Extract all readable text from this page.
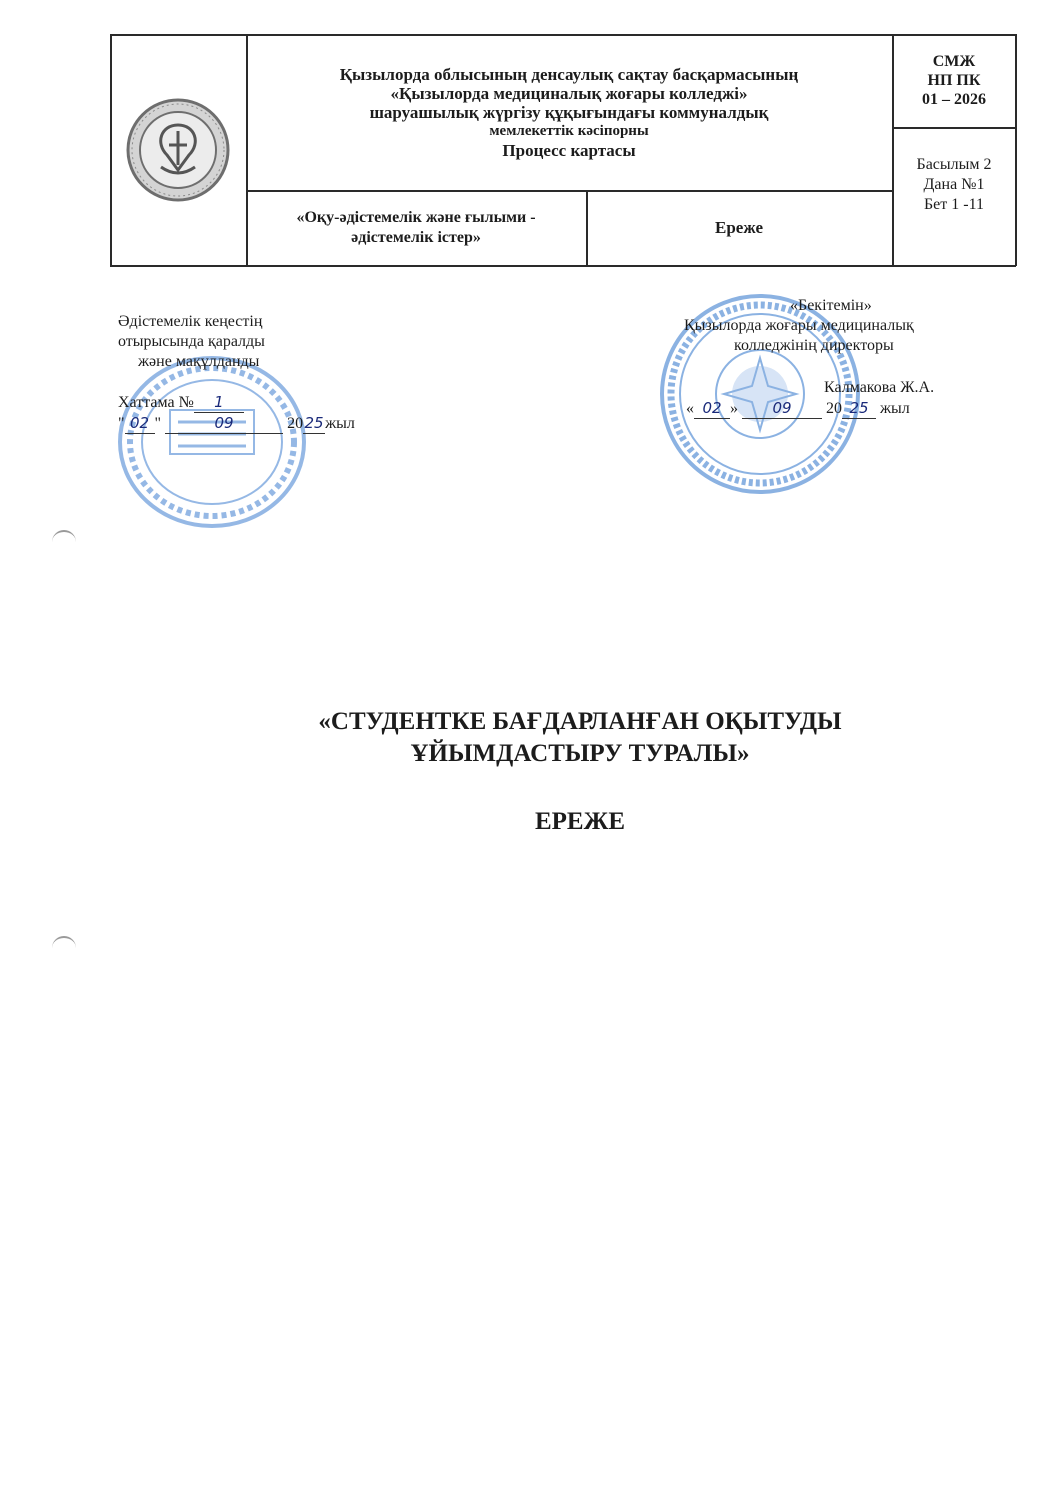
Қызылорда облысының денсаулық сақтау басқармасының
«Қызылорда медициналық жоғары колледжі»
шаруашылық жүргізу құқығындағы коммуналдық
мемлекеттік кәсіпорны
Процесс картасы
СМЖ
НП ПК
01 – 2026
Басылым 2
Дана №1
Бет 1 -11
«Оқу-әдістемелік және ғылыми -
әдістемелік істер»
Ереже
Әдістемелік кеңестің
отырысында қаралды
және мақұлданды
Хаттама № 1
" 02 "	09	2025жыл
«Бекітемін»
Қызылорда жоғары медициналық
колледжінің директоры
Калмакова Ж.А.
« 02 » 09 20 25 жыл
«СТУДЕНТКЕ БАҒДАРЛАНҒАН ОҚЫТУДЫ
ҰЙЫМДАСТЫРУ ТУРАЛЫ»
ЕРЕЖЕ
